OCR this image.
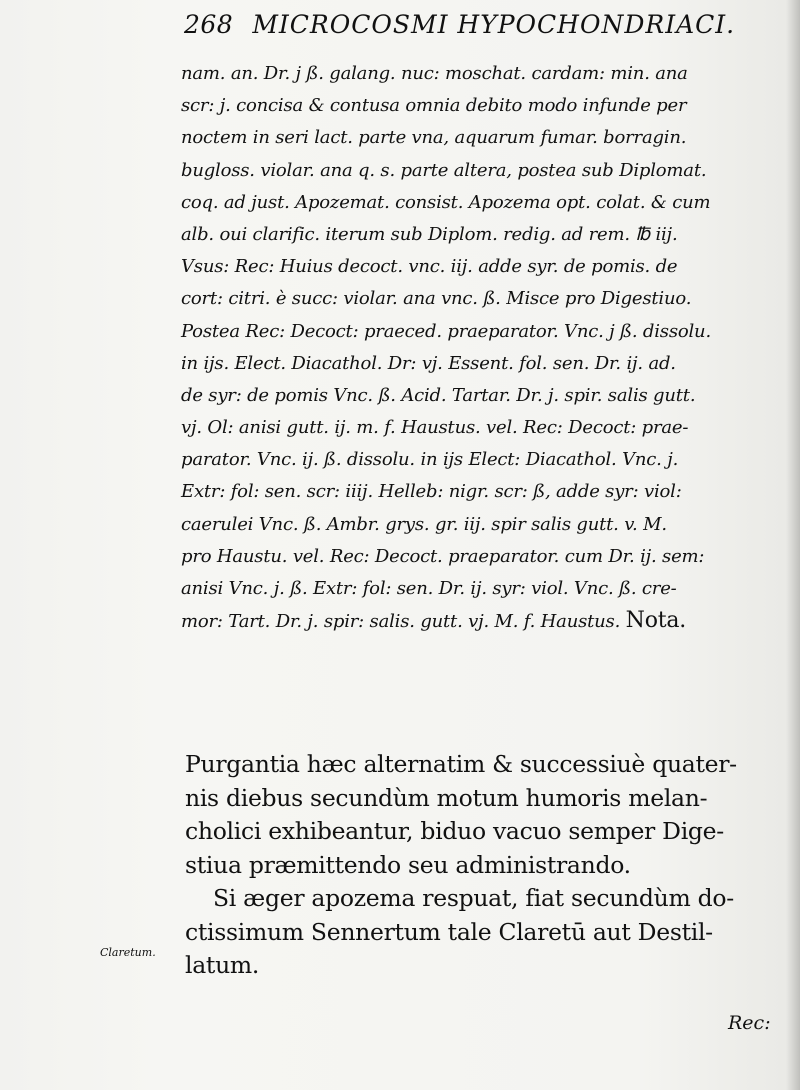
268 MICROCOSMI HYPOCHONDRIACI.
nam. an. Dr. j ß. galang. nuc: moschat. cardam: min. ana
scr: j. concisa & contusa omnia debito modo infunde per
noctem in seri lact. parte vna, aquarum fumar. borragin.
bugloss. violar. ana q. s. parte altera, postea sub Diplomat.
coq. ad just. Apozemat. consist. Apozema opt. colat. & cum
alb. oui clarific. iterum sub Diplom. redig. ad rem. ℔ iij.
Vsus: Rec: Huius decoct. vnc. iij. adde syr. de pomis. de
cort: citri. è succ: violar. ana vnc. ß. Misce pro Digestiuo.
Postea Rec: Decoct: praeced. praeparator. Vnc. j ß. dissolu.
in ijs. Elect. Diacathol. Dr: vj. Essent. fol. sen. Dr. ij. ad.
de syr: de pomis Vnc. ß. Acid. Tartar. Dr. j. spir. salis gutt.
vj. Ol: anisi gutt. ij. m. f. Haustus. vel. Rec: Decoct: prae-
parator. Vnc. ij. ß. dissolu. in ijs Elect: Diacathol. Vnc. j.
Extr: fol: sen. scr: iiij. Helleb: nigr. scr: ß, adde syr: viol:
caerulei Vnc. ß. Ambr. grys. gr. iij. spir salis gutt. v. M.
pro Haustu. vel. Rec: Decoct. praeparator. cum Dr. ij. sem:
anisi Vnc. j. ß. Extr: fol: sen. Dr. ij. syr: viol. Vnc. ß. cre-
mor: Tart. Dr. j. spir: salis. gutt. vj. M. f. Haustus. Nota.
Purgantia hæc alternatim & successiuè quater-
nis diebus secundùm motum humoris melan-
cholici exhibeantur, biduo vacuo semper Dige-
stiua præmittendo seu administrando.
Si æger apozema respuat, fiat secundùm do-
ctissimum Sennertum tale Claretū aut Destil-
latum.
Claretum.
Rec:
